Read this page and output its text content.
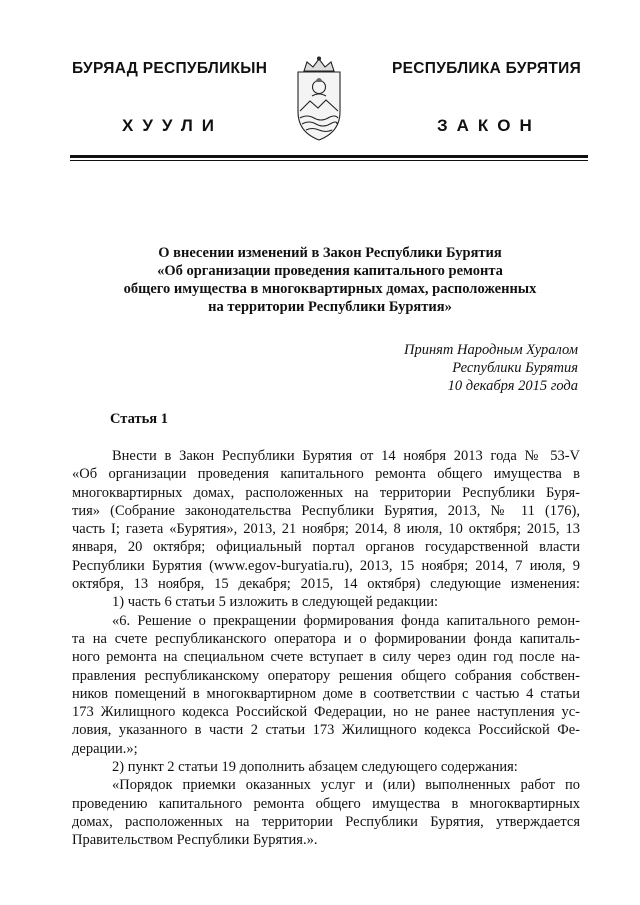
БУРЯАД РЕСПУБЛИКЫН	РЕСПУБЛИКА БУРЯТИЯ
ХУУЛИ	ЗАКОН
О внесении изменений в Закон Республики Бурятия
«Об организации проведения капитального ремонта
общего имущества в многоквартирных домах, расположенных
на территории Республики Бурятия»
Принят Народным Хуралом
Республики Бурятия
10 декабря 2015 года
Статья 1
Внести в Закон Республики Бурятия от 14 ноября 2013 года № 53-V
«Об организации проведения капитального ремонта общего имущества в
многоквартирных домах, расположенных на территории Республики Буря-
тия» (Собрание законодательства Республики Бурятия, 2013, № 11 (176),
часть I; газета «Бурятия», 2013, 21 ноября; 2014, 8 июля, 10 октября; 2015, 13
января, 20 октября; официальный портал органов государственной власти
Республики Бурятия (www.egov-buryatia.ru), 2013, 15 ноября; 2014, 7 июля, 9
октября, 13 ноября, 15 декабря; 2015, 14 октября) следующие изменения:
1) часть 6 статьи 5 изложить в следующей редакции:
«6. Решение о прекращении формирования фонда капитального ремон-
та на счете республиканского оператора и о формировании фонда капиталь-
ного ремонта на специальном счете вступает в силу через один год после на-
правления республиканскому оператору решения общего собрания собствен-
ников помещений в многоквартирном доме в соответствии с частью 4 статьи
173 Жилищного кодекса Российской Федерации, но не ранее наступления ус-
ловия, указанного в части 2 статьи 173 Жилищного кодекса Российской Фе-
дерации.»;
2) пункт 2 статьи 19 дополнить абзацем следующего содержания:
«Порядок приемки оказанных услуг и (или) выполненных работ по
проведению капитального ремонта общего имущества в многоквартирных
домах, расположенных на территории Республики Бурятия, утверждается
Правительством Республики Бурятия.».
